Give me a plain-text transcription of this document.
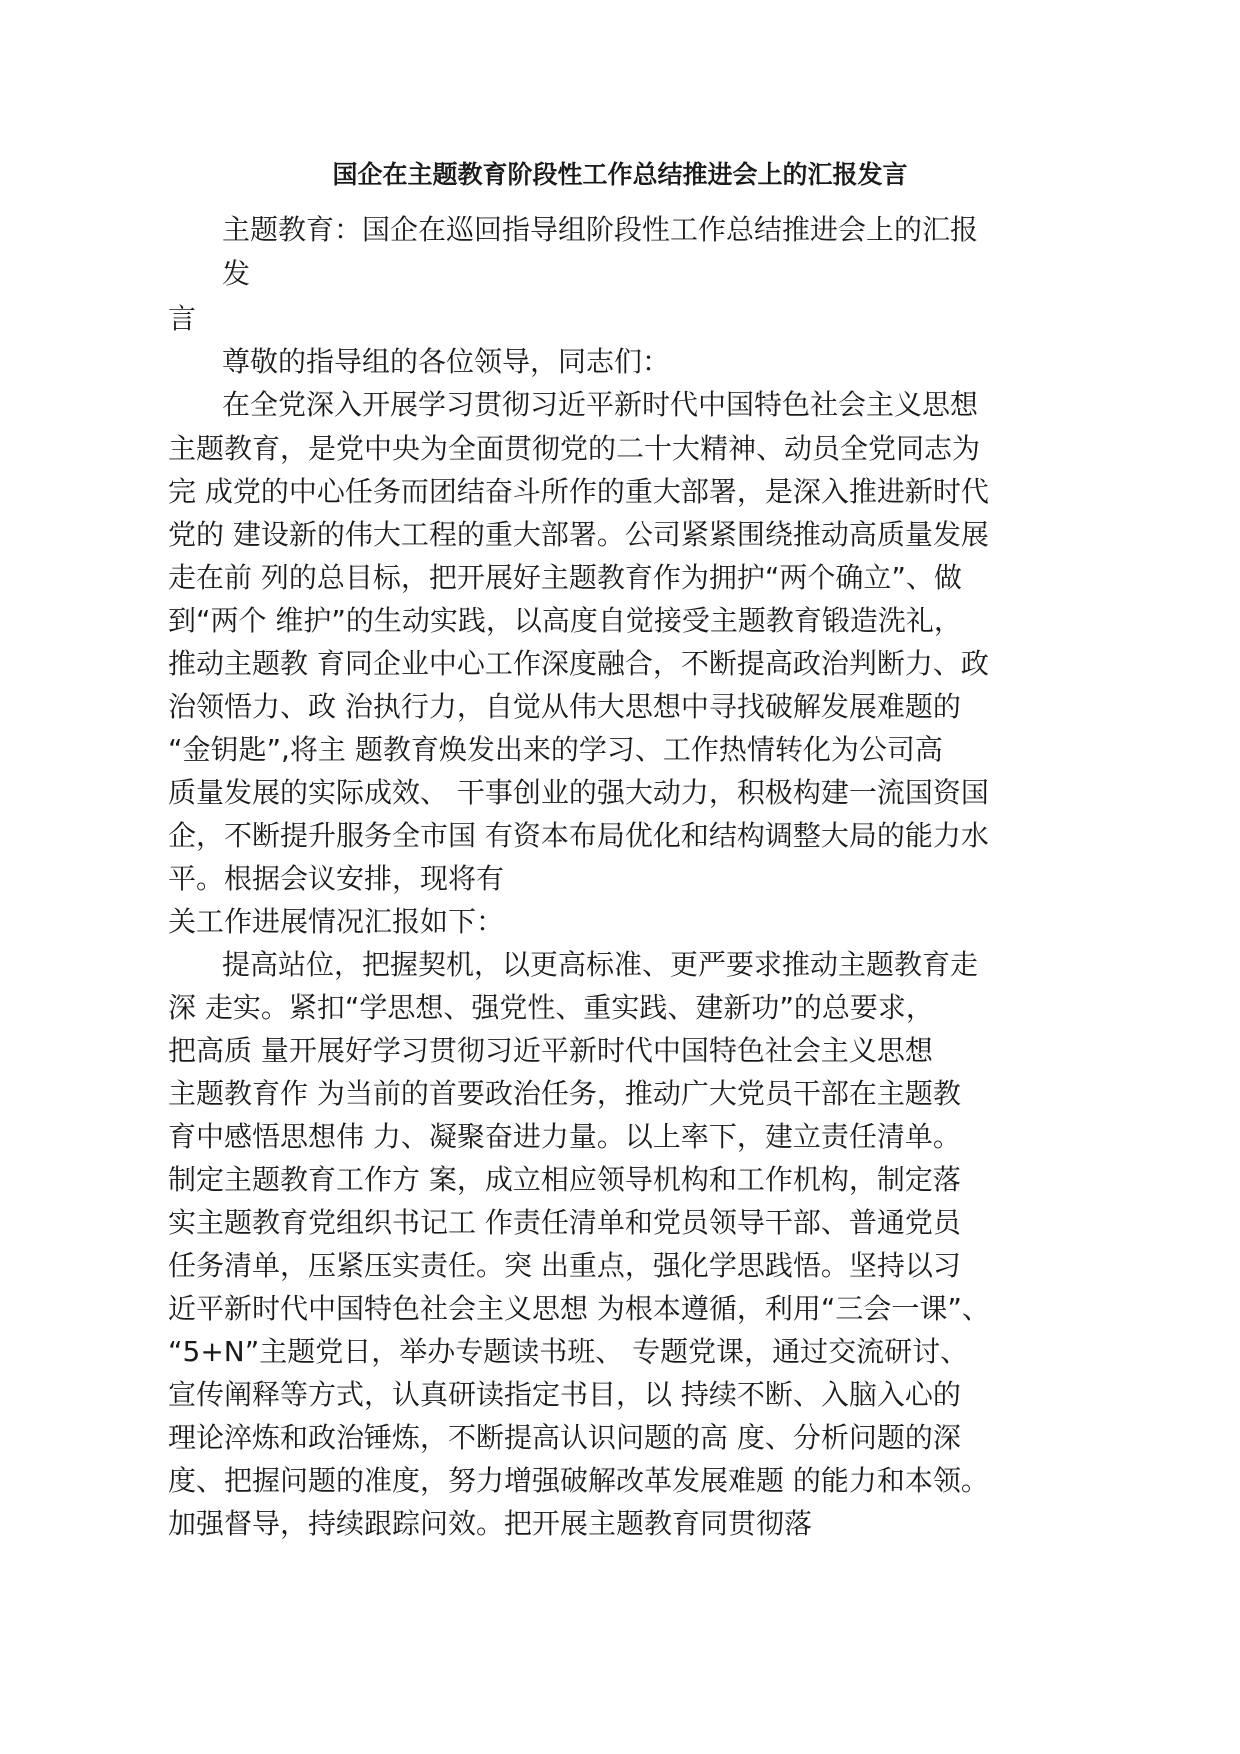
国企在主题教育阶段性工作总结推进会上的汇报发言
主题教育：国企在巡回指导组阶段性工作总结推进会上的汇报
发
言
尊敬的指导组的各位领导，同志们：
在全党深入开展学习贯彻习近平新时代中国特色社会主义思想
主题教育，是党中央为全面贯彻党的二十大精神、动员全党同志为
完 成党的中心任务而团结奋斗所作的重大部署，是深入推进新时代
党的 建设新的伟大工程的重大部署。公司紧紧围绕推动高质量发展
走在前 列的总目标，把开展好主题教育作为拥护“两个确立”、做
到“两个 维护”的生动实践，以高度自觉接受主题教育锻造洗礼，
推动主题教 育同企业中心工作深度融合，不断提高政治判断力、政
治领悟力、政 治执行力，自觉从伟大思想中寻找破解发展难题的
“金钥匙”,将主 题教育焕发出来的学习、工作热情转化为公司高
质量发展的实际成效、 干事创业的强大动力，积极构建一流国资国
企，不断提升服务全市国 有资本布局优化和结构调整大局的能力水
平。根据会议安排，现将有
关工作进展情况汇报如下：
提高站位，把握契机，以更高标准、更严要求推动主题教育走
深 走实。紧扣“学思想、强党性、重实践、建新功”的总要求，
把高质 量开展好学习贯彻习近平新时代中国特色社会主义思想
主题教育作 为当前的首要政治任务，推动广大党员干部在主题教
育中感悟思想伟 力、凝聚奋进力量。以上率下，建立责任清单。
制定主题教育工作方 案，成立相应领导机构和工作机构，制定落
实主题教育党组织书记工 作责任清单和党员领导干部、普通党员
任务清单，压紧压实责任。突 出重点，强化学思践悟。坚持以习
近平新时代中国特色社会主义思想 为根本遵循，利用“三会一课”、
“5+N”主题党日，举办专题读书班、 专题党课，通过交流研讨、
宣传阐释等方式，认真研读指定书目，以 持续不断、入脑入心的
理论淬炼和政治锤炼，不断提高认识问题的高 度、分析问题的深
度、把握问题的准度，努力增强破解改革发展难题 的能力和本领。
加强督导，持续跟踪问效。把开展主题教育同贯彻落
